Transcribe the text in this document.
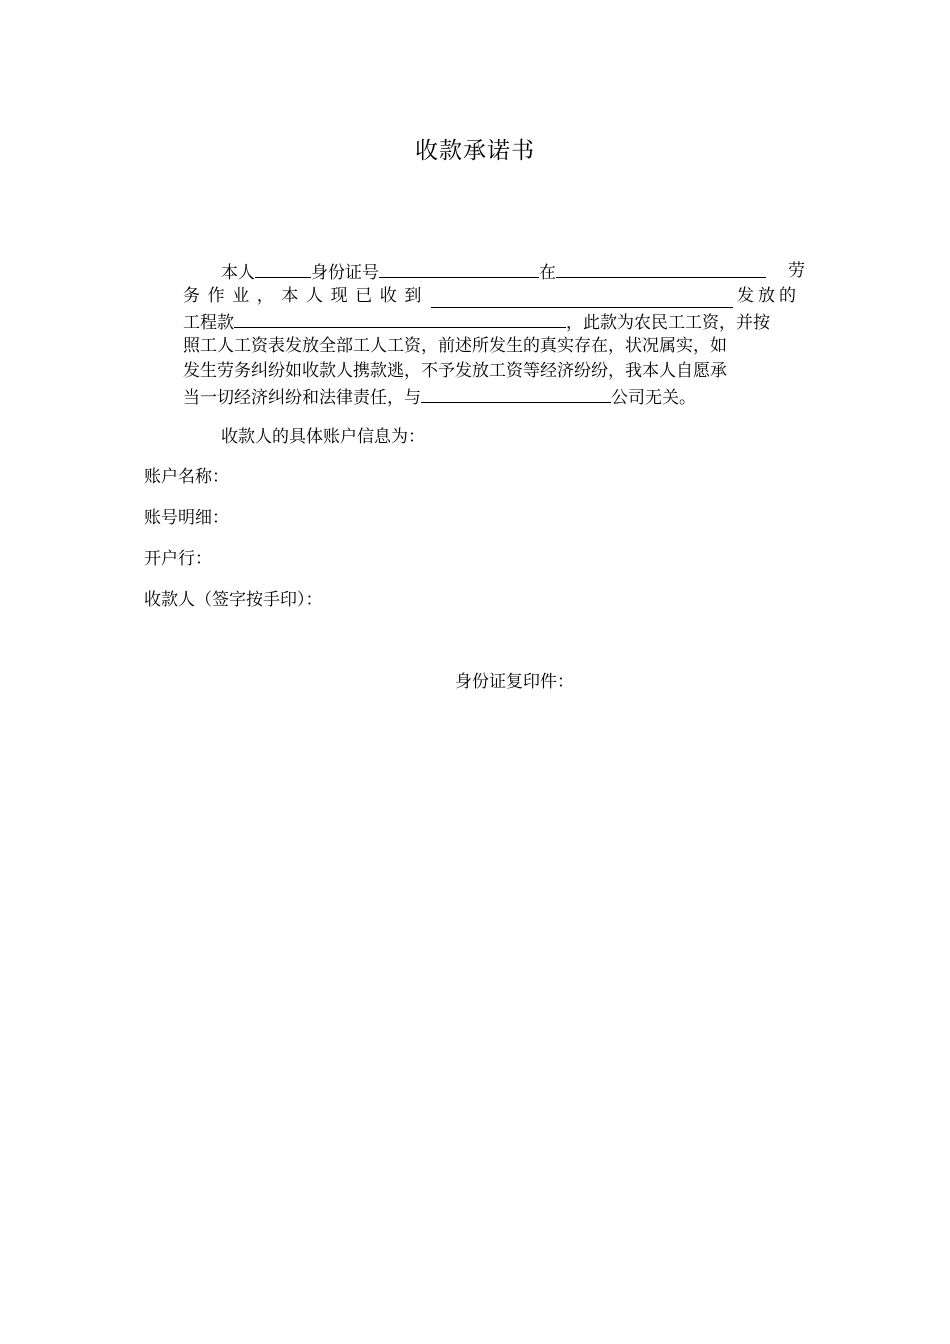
收款承诺书
本人	身份证号	在	劳
务作业，本人现已收到	发放的
工程款	，此款为农民工工资，并按
照工人工资表发放全部工人工资，前述所发生的真实存在，状况属实，如
发生劳务纠纷如收款人携款逃，不予发放工资等经济纷纷，我本人自愿承
当一切经济纠纷和法律责任，与	公司无关。
收款人的具体账户信息为：
账户名称：
账号明细：
开户行：
收款人（签字按手印）：
身份证复印件：
